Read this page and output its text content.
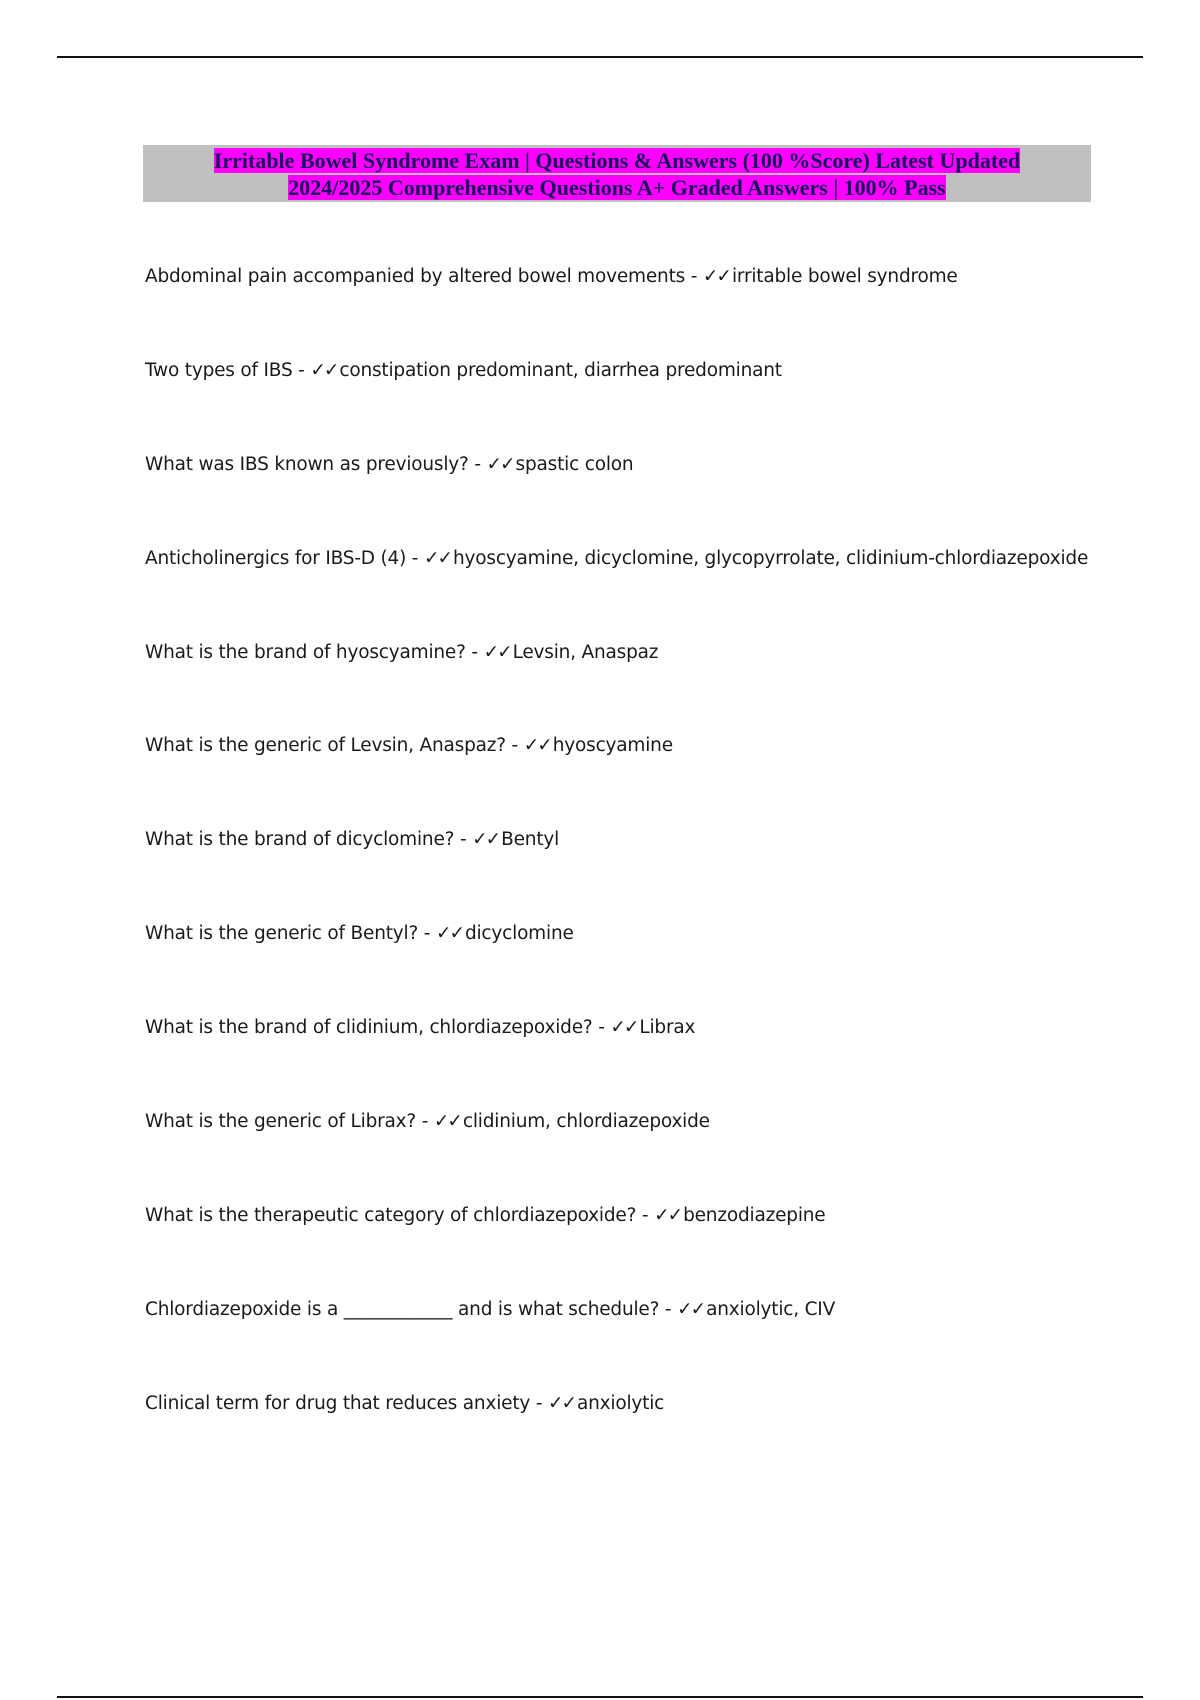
Irritable Bowel Syndrome Exam | Questions & Answers (100 %Score) Latest Updated
2024/2025 Comprehensive Questions A+ Graded Answers | 100% Pass
Abdominal pain accompanied by altered bowel movements - ✓✓ irritable bowel syndrome
Two types of IBS - ✓✓ constipation predominant, diarrhea predominant
What was IBS known as previously? - ✓✓ spastic colon
Anticholinergics for IBS-D (4) - ✓✓ hyoscyamine, dicyclomine, glycopyrrolate, clidinium-chlordiazepoxide
What is the brand of hyoscyamine? - ✓✓ Levsin, Anaspaz
What is the generic of Levsin, Anaspaz? - ✓✓ hyoscyamine
What is the brand of dicyclomine? - ✓✓ Bentyl
What is the generic of Bentyl? - ✓✓ dicyclomine
What is the brand of clidinium, chlordiazepoxide? - ✓✓ Librax
What is the generic of Librax? - ✓✓ clidinium, chlordiazepoxide
What is the therapeutic category of chlordiazepoxide? - ✓✓ benzodiazepine
Chlordiazepoxide is a ____________ and is what schedule? - ✓✓ anxiolytic, CIV
Clinical term for drug that reduces anxiety - ✓✓ anxiolytic
